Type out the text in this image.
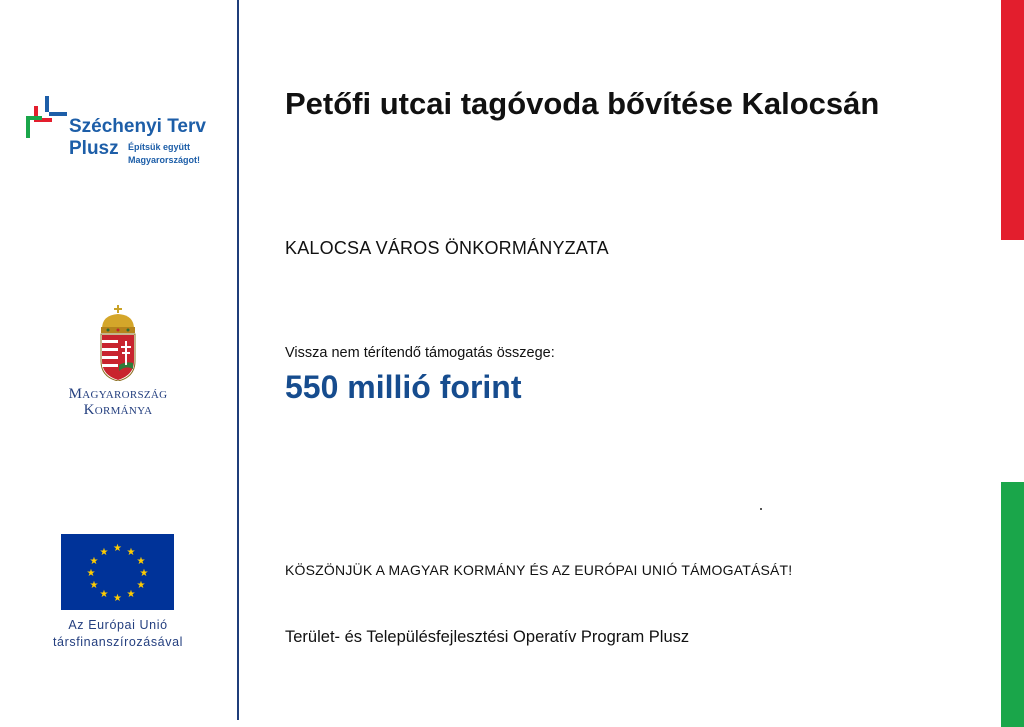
Széchenyi Terv
Plusz Építsük együtt
Magyarországot!
Magyarország
Kormánya
★ ★
★
★
★
★
★
★
★
★
★
★
Az Európai Unió
társfinanszírozásával
Petőfi utcai tagóvoda bővítése Kalocsán
KALOCSA VÁROS ÖNKORMÁNYZATA
Vissza nem térítendő támogatás összege:
550 millió forint
KÖSZÖNJÜK A MAGYAR KORMÁNY ÉS AZ EURÓPAI UNIÓ TÁMOGATÁSÁT!
Terület- és Településfejlesztési Operatív Program Plusz
